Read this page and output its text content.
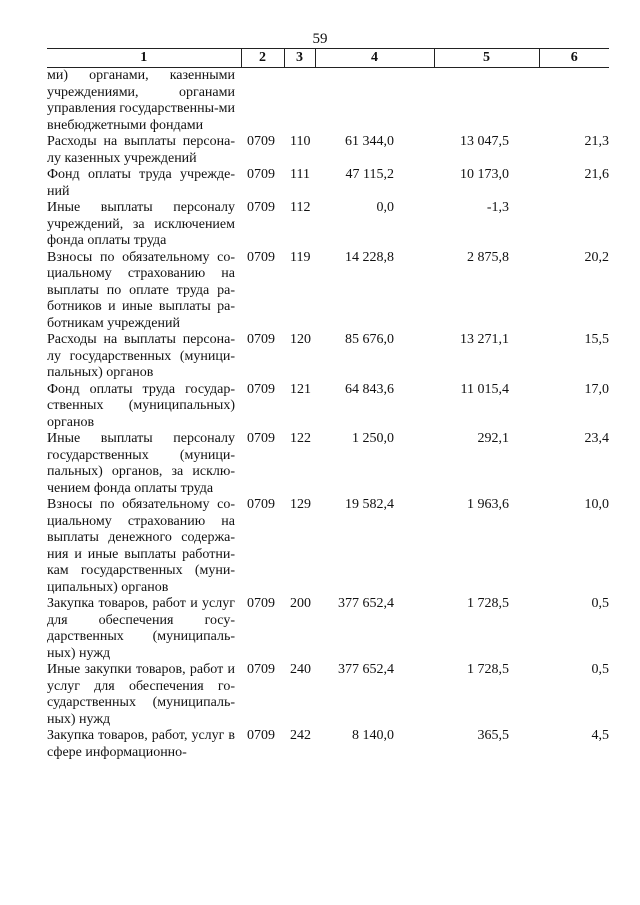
59
1	2	3	4	5	6
ми) органами, казенными учреждениями, органами управления государственны-ми внебюджетными фондами					
Расходы на выплаты персона-лу казенных учреждений	0709	110	61 344,0	13 047,5	21,3
Фонд оплаты труда учрежде-ний	0709	111	47 115,2	10 173,0	21,6
Иные выплаты персоналу учреждений, за исключением фонда оплаты труда	0709	112	0,0	-1,3	
Взносы по обязательному со-циальному страхованию на выплаты по оплате труда ра-ботников и иные выплаты ра-ботникам учреждений	0709	119	14 228,8	2 875,8	20,2
Расходы на выплаты персона-лу государственных (муници-пальных) органов	0709	120	85 676,0	13 271,1	15,5
Фонд оплаты труда государ-ственных (муниципальных) органов	0709	121	64 843,6	11 015,4	17,0
Иные выплаты персоналу государственных (муници-пальных) органов, за исклю-чением фонда оплаты труда	0709	122	1 250,0	292,1	23,4
Взносы по обязательному со-циальному страхованию на выплаты денежного содержа-ния и иные выплаты работни-кам государственных (муни-ципальных) органов	0709	129	19 582,4	1 963,6	10,0
Закупка товаров, работ и услуг для обеспечения госу-дарственных (муниципаль-ных) нужд	0709	200	377 652,4	1 728,5	0,5
Иные закупки товаров, работ и услуг для обеспечения го-сударственных (муниципаль-ных) нужд	0709	240	377 652,4	1 728,5	0,5
Закупка товаров, работ, услуг в сфере информационно-	0709	242	8 140,0	365,5	4,5
